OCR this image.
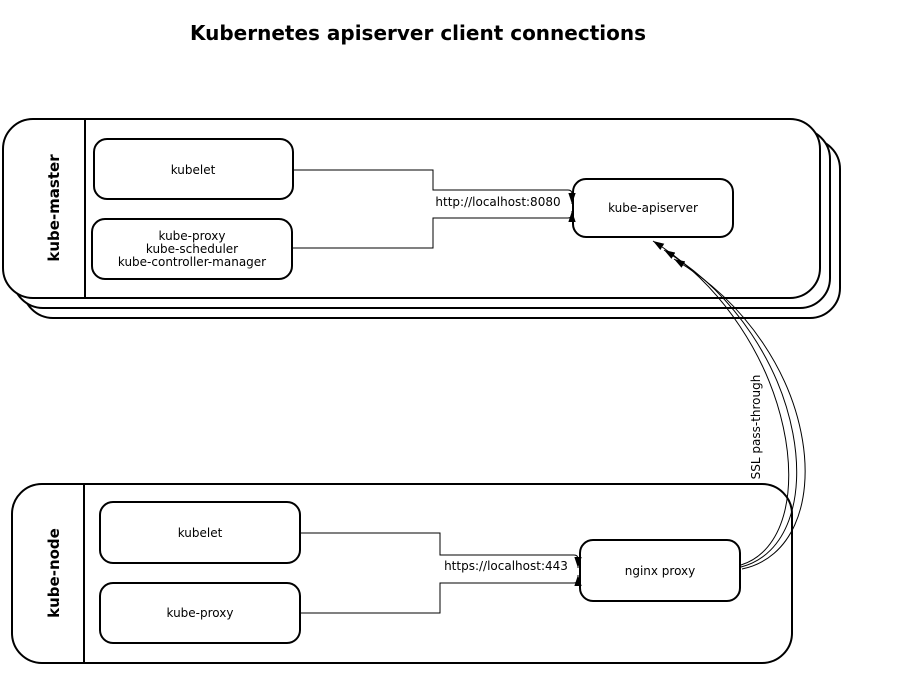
Kubernetes apiserver client connections
kube-master
kube-node
SSL pass-through
kubelet
kube-proxy
kube-scheduler
kube-controller-manager
kube-apiserver
kubelet
kube-proxy
nginx proxy
http://localhost:8080
https://localhost:443
